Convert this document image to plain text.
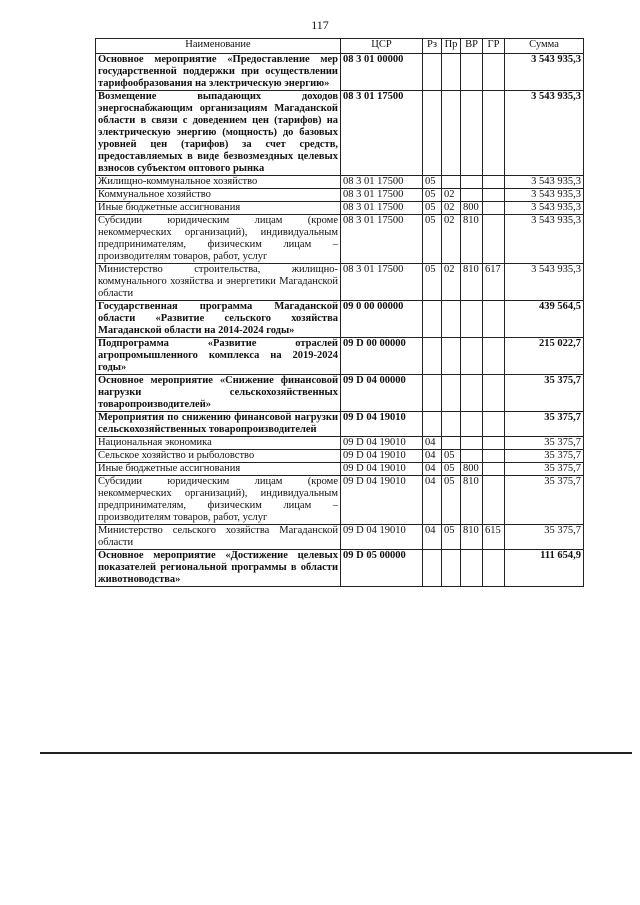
117
Наименование	ЦСР	Рз	Пр	ВР	ГР	Сумма
Основное мероприятие «Предоставление мер государственной поддержки при осуществлении тарифообразования на электрическую энергию»	08 3 01 00000					3 543 935,3
Возмещение выпадающих доходов энергоснабжающим организациям Магаданской области в связи с доведением цен (тарифов) на электрическую энергию (мощность) до базовых уровней цен (тарифов) за счет средств, предоставляемых в виде безвозмездных целевых взносов субъектом оптового рынка	08 3 01 17500					3 543 935,3
Жилищно-коммунальное хозяйство	08 3 01 17500	05				3 543 935,3
Коммунальное хозяйство	08 3 01 17500	05	02			3 543 935,3
Иные бюджетные ассигнования	08 3 01 17500	05	02	800		3 543 935,3
Субсидии юридическим лицам (кроме некоммерческих организаций), индивидуальным предпринимателям, физическим лицам – производителям товаров, работ, услуг	08 3 01 17500	05	02	810		3 543 935,3
Министерство строительства, жилищно-коммунального хозяйства и энергетики Магаданской области	08 3 01 17500	05	02	810	617	3 543 935,3
Государственная программа Магаданской области «Развитие сельского хозяйства Магаданской области на 2014-2024 годы»	09 0 00 00000					439 564,5
Подпрограмма «Развитие отраслей агропромышленного комплекса на 2019-2024 годы»	09 D 00 00000					215 022,7
Основное мероприятие «Снижение финансовой нагрузки сельскохозяйственных товаропроизводителей»	09 D 04 00000					35 375,7
Мероприятия по снижению финансовой нагрузки сельскохозяйственных товаропроизводителей	09 D 04 19010					35 375,7
Национальная экономика	09 D 04 19010	04				35 375,7
Сельское хозяйство и рыболовство	09 D 04 19010	04	05			35 375,7
Иные бюджетные ассигнования	09 D 04 19010	04	05	800		35 375,7
Субсидии юридическим лицам (кроме некоммерческих организаций), индивидуальным предпринимателям, физическим лицам – производителям товаров, работ, услуг	09 D 04 19010	04	05	810		35 375,7
Министерство сельского хозяйства Магаданской области	09 D 04 19010	04	05	810	615	35 375,7
Основное мероприятие «Достижение целевых показателей региональной программы в области животноводства»	09 D 05 00000					111 654,9
